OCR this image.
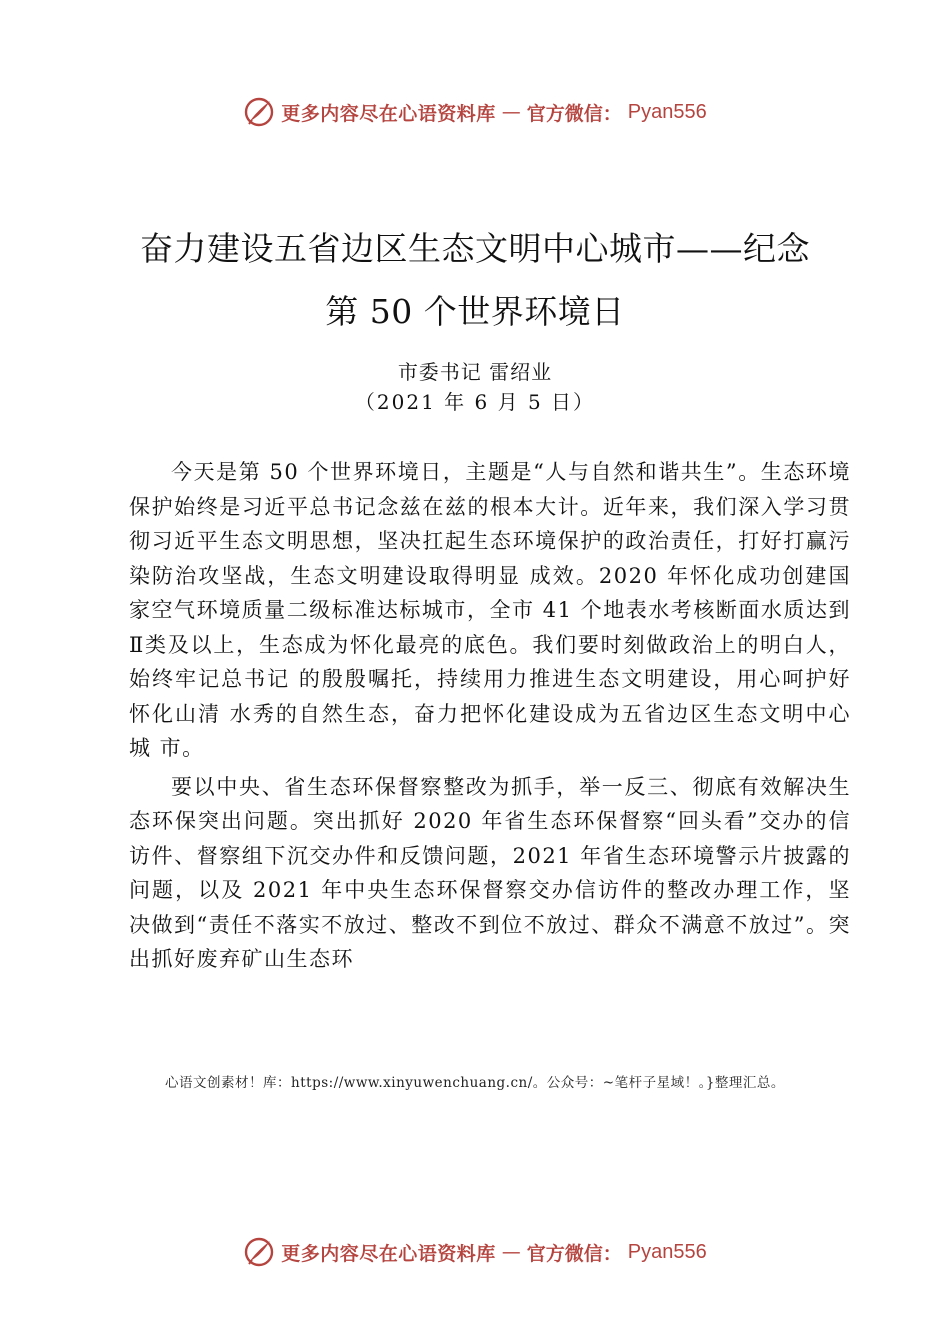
更多内容尽在心语资料库 — 官方微信： Pyan556
奋力建设五省边区生态文明中心城市——纪念
第 50 个世界环境日
市委书记 雷绍业
（2021 年 6 月 5 日）

今天是第 50 个世界环境日，主题是“人与自然和谐共生”。生态环境保护始终是习近平总书记念兹在兹的根本大计。近年来，我们深入学习贯彻习近平生态文明思想，坚决扛起生态环境保护的政治责任，打好打赢污染防治攻坚战，生态文明建设取得明显 成效。2020 年怀化成功创建国家空气环境质量二级标准达标城市，全市 41 个地表水考核断面水质达到Ⅱ类及以上，生态成为怀化最亮的底色。我们要时刻做政治上的明白人，始终牢记总书记 的殷殷嘱托，持续用力推进生态文明建设，用心呵护好怀化山清 水秀的自然生态，奋力把怀化建设成为五省边区生态文明中心城 市。

要以中央、省生态环保督察整改为抓手，举一反三、彻底有效解决生态环保突出问题。突出抓好 2020 年省生态环保督察“回头看”交办的信访件、督察组下沉交办件和反馈问题，2021 年省生态环境警示片披露的问题，以及 2021 年中央生态环保督察交办信访件的整改办理工作，坚决做到“责任不落实不放过、整改不到位不放过、群众不满意不放过”。突出抓好废弃矿山生态环

心语文创素材！库：https://www.xinyuwenchuang.cn/。公众号：~笔杆子星域！。}整理汇总。
更多内容尽在心语资料库 — 官方微信： Pyan556
